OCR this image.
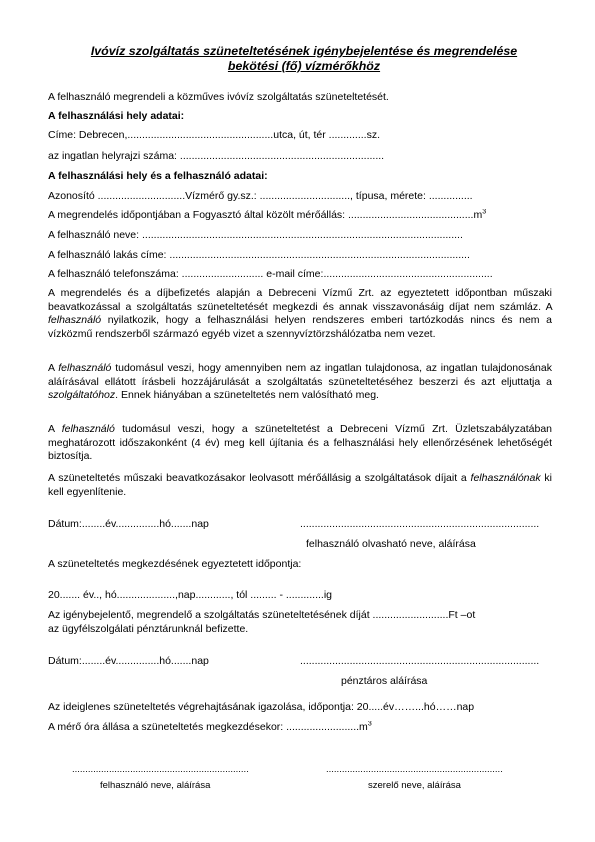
Ivóvíz szolgáltatás szüneteltetésének igénybejelentése és megrendelése
bekötési (fő) vízmérőkhöz
A felhasználó megrendeli a közműves ivóvíz szolgáltatás szüneteltetését.
A felhasználási hely adatai:
Címe: Debrecen,..................................................utca, út, tér .............sz.
az ingatlan helyrajzi száma: ......................................................................
A felhasználási hely és a felhasználó adatai:
Azonosító ..............................Vízmérő gy.sz.: ..............................., típusa, mérete: ...............
A megrendelés időpontjában a Fogyasztó által közölt mérőállás: $...........................................m^3$
A felhasználó neve: ..............................................................................................................
A felhasználó lakás címe: .......................................................................................................
A felhasználó telefonszáma: ............................ e-mail címe:..........................................................
A megrendelés és a díjbefizetés alapján a Debreceni Vízmű Zrt. az egyeztetett időpontban műszaki beavatkozással a szolgáltatás szüneteltetését megkezdi és annak visszavonásáig díjat nem számláz. A felhasználó nyilatkozik, hogy a felhasználási helyen rendszeres emberi tartózkodás nincs és nem a vízközmű rendszerből származó egyéb vizet a szennyvíztörzshálózatba nem vezet.
A felhasználó tudomásul veszi, hogy amennyiben nem az ingatlan tulajdonosa, az ingatlan tulajdonosának aláírásával ellátott írásbeli hozzájárulását a szolgáltatás szüneteltetéséhez beszerzi és azt eljuttatja a szolgáltatóhoz. Ennek hiányában a szüneteltetés nem valósítható meg.
A felhasználó tudomásul veszi, hogy a szüneteltetést a Debreceni Vízmű Zrt. Üzletszabályzatában meghatározott időszakonként (4 év) meg kell újítania és a felhasználási hely ellenőrzésének lehetőségét biztosítja.
A szüneteltetés műszaki beavatkozásakor leolvasott mérőállásig a szolgáltatások díjait a felhasználónak ki kell egyenlítenie.
Dátum:........év...............hó.......nap	..................................................................................
felhasználó olvasható neve, aláírása
A szüneteltetés megkezdésének egyeztetett időpontja:
20....... év.., hó....................,nap............, tól ......... - .............ig
Az igénybejelentő, megrendelő a szolgáltatás szüneteltetésének díját ..........................Ft –ot
az ügyfélszolgálati pénztárunknál befizette.
Dátum:........év...............hó.......nap	..................................................................................
pénztáros aláírása
Az ideiglenes szüneteltetés végrehajtásának igazolása, időpontja: 20.....év……...hó……nap
A mérő óra állása a szüneteltetés megkezdésekor: $.........................m^3$
...................................................................	...................................................................
felhasználó neve, aláírása	szerelő neve, aláírása
